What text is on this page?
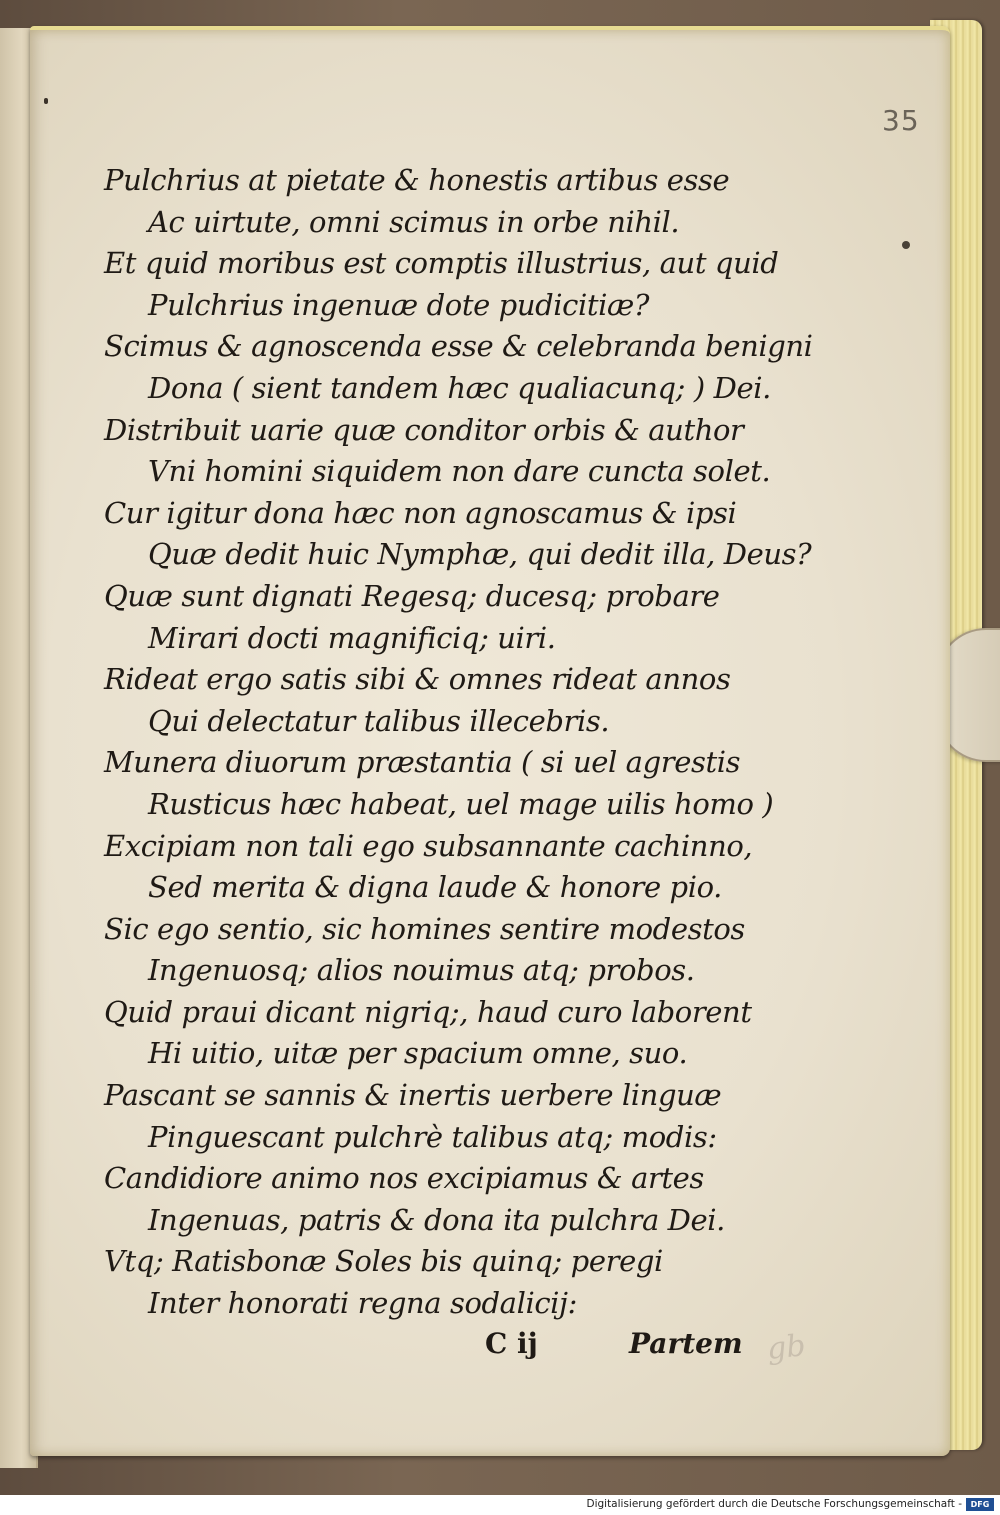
35
Pulchrius at pietate & honestis artibus esse
Ac uirtute, omni scimus in orbe nihil.
Et quid moribus est comptis illustrius, aut quid
Pulchrius ingenuæ dote pudicitiæ?
Scimus & agnoscenda esse & celebranda benigni
Dona ( sient tandem hæc qualiacunq; ) Dei.
Distribuit uarie quæ conditor orbis & author
Vni homini siquidem non dare cuncta solet.
Cur igitur dona hæc non agnoscamus & ipsi
Quæ dedit huic Nymphæ, qui dedit illa, Deus?
Quæ sunt dignati Regesq; ducesq; probare
Mirari docti magnificiq; uiri.
Rideat ergo satis sibi & omnes rideat annos
Qui delectatur talibus illecebris.
Munera diuorum præstantia ( si uel agrestis
Rusticus hæc habeat, uel mage uilis homo )
Excipiam non tali ego subsannante cachinno,
Sed merita & digna laude & honore pio.
Sic ego sentio, sic homines sentire modestos
Ingenuosq; alios nouimus atq; probos.
Quid praui dicant nigriq;, haud curo laborent
Hi uitio, uitæ per spacium omne, suo.
Pascant se sannis & inertis uerbere linguæ
Pinguescant pulchrè talibus atq; modis:
Candidiore animo nos excipiamus & artes
Ingenuas, patris & dona ita pulchra Dei.
Vtq; Ratisbonæ Soles bis quinq; peregi
Inter honorati regna sodalicij:
C ij	Partem gb
Digitalisierung gefördert durch die Deutsche Forschungsgemeinschaft -	DFG
